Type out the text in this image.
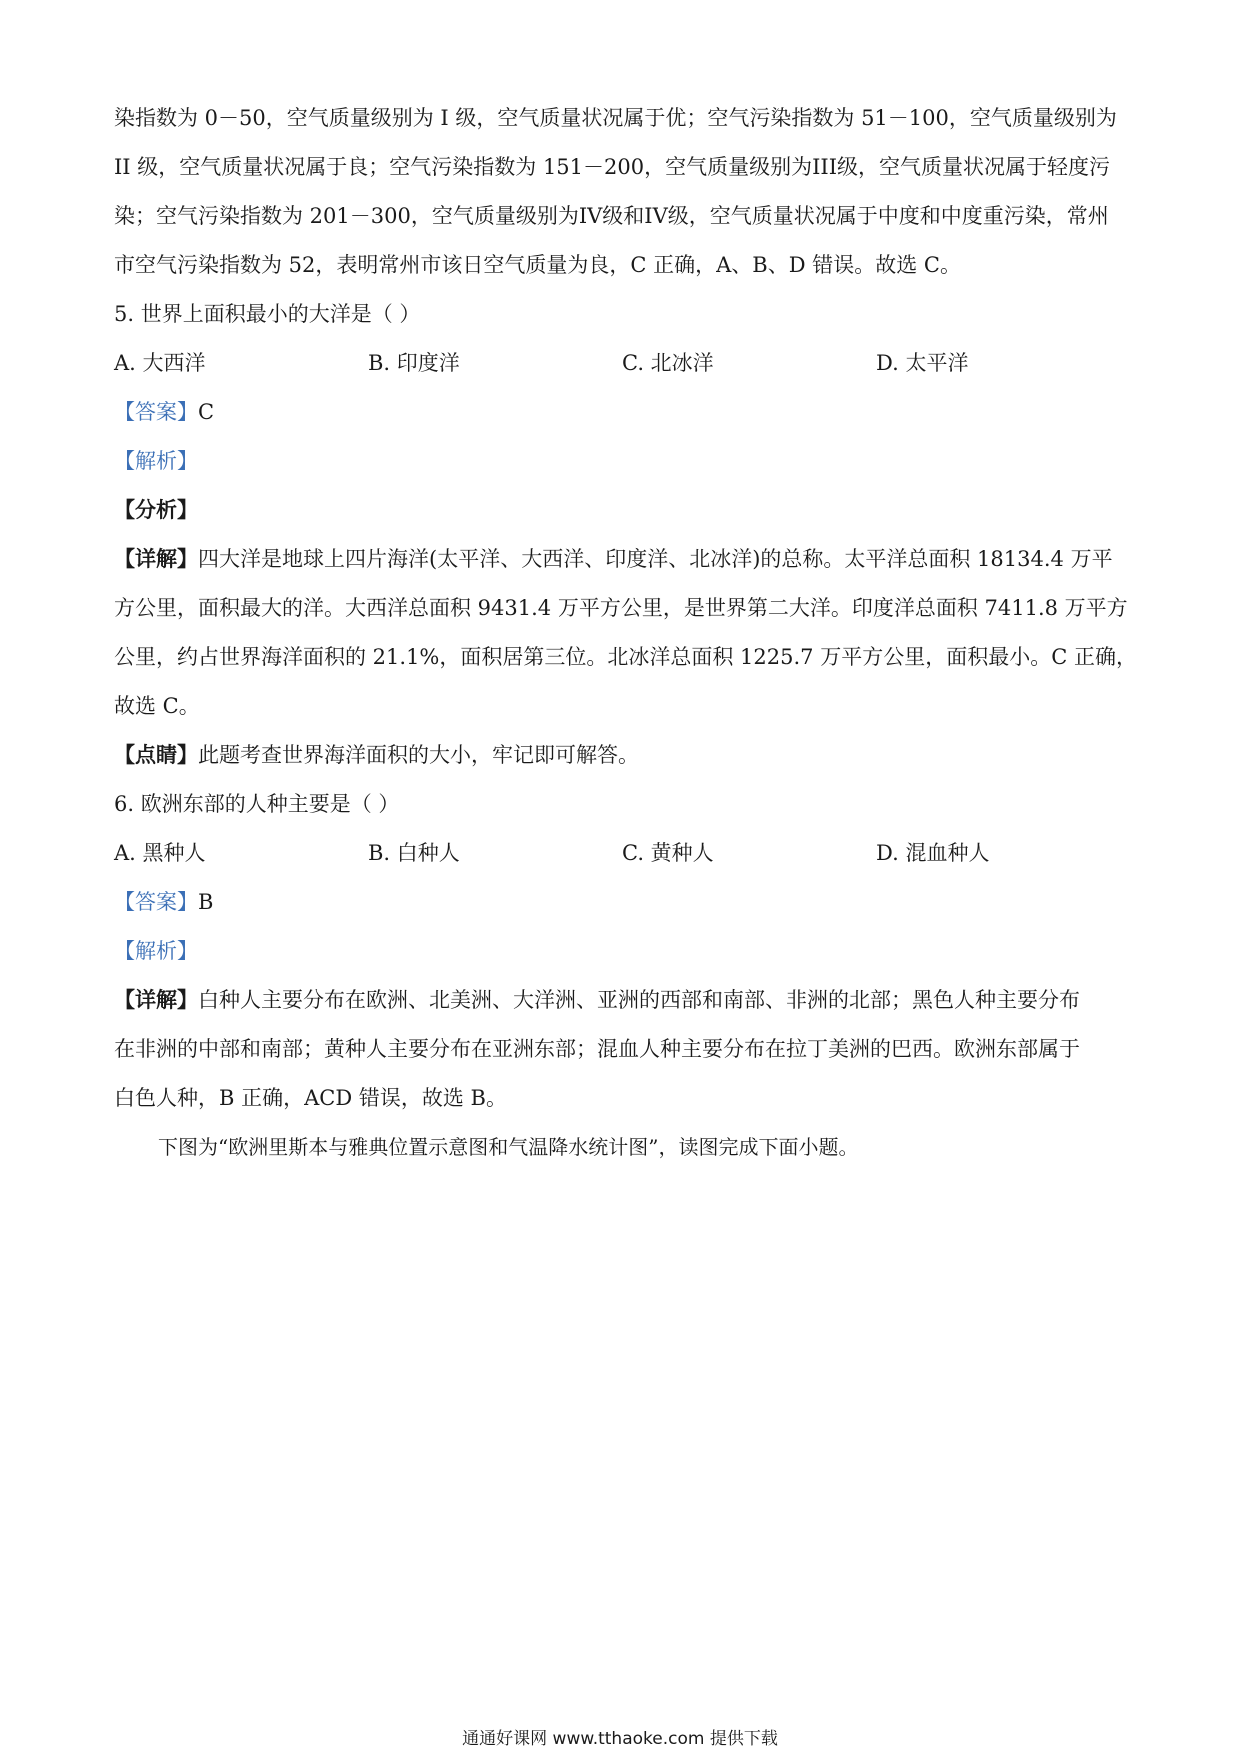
染指数为 0－50，空气质量级别为 I 级，空气质量状况属于优；空气污染指数为 51－100，空气质量级别为
II 级，空气质量状况属于良；空气污染指数为 151－200，空气质量级别为III级，空气质量状况属于轻度污
染；空气污染指数为 201－300，空气质量级别为IV级和IV级，空气质量状况属于中度和中度重污染，常州
市空气污染指数为 52，表明常州市该日空气质量为良，C 正确，A、B、D 错误。故选 C。
5. 世界上面积最小的大洋是（ ）
A. 大西洋	B. 印度洋	C. 北冰洋	D. 太平洋
【答案】C
【解析】
【分析】
【详解】四大洋是地球上四片海洋(太平洋、大西洋、印度洋、北冰洋)的总称。太平洋总面积 18134.4 万平
方公里，面积最大的洋。大西洋总面积 9431.4 万平方公里，是世界第二大洋。印度洋总面积 7411.8 万平方
公里，约占世界海洋面积的 21.1%，面积居第三位。北冰洋总面积 1225.7 万平方公里，面积最小。C 正确，
故选 C。
【点睛】此题考查世界海洋面积的大小，牢记即可解答。
6. 欧洲东部的人种主要是（ ）
A. 黑种人	B. 白种人	C. 黄种人	D. 混血种人
【答案】B
【解析】
【详解】白种人主要分布在欧洲、北美洲、大洋洲、亚洲的西部和南部、非洲的北部；黑色人种主要分布
在非洲的中部和南部；黄种人主要分布在亚洲东部；混血人种主要分布在拉丁美洲的巴西。欧洲东部属于
白色人种，B 正确，ACD 错误，故选 B。
下图为“欧洲里斯本与雅典位置示意图和气温降水统计图”，读图完成下面小题。
通通好课网 www.tthaoke.com 提供下载
